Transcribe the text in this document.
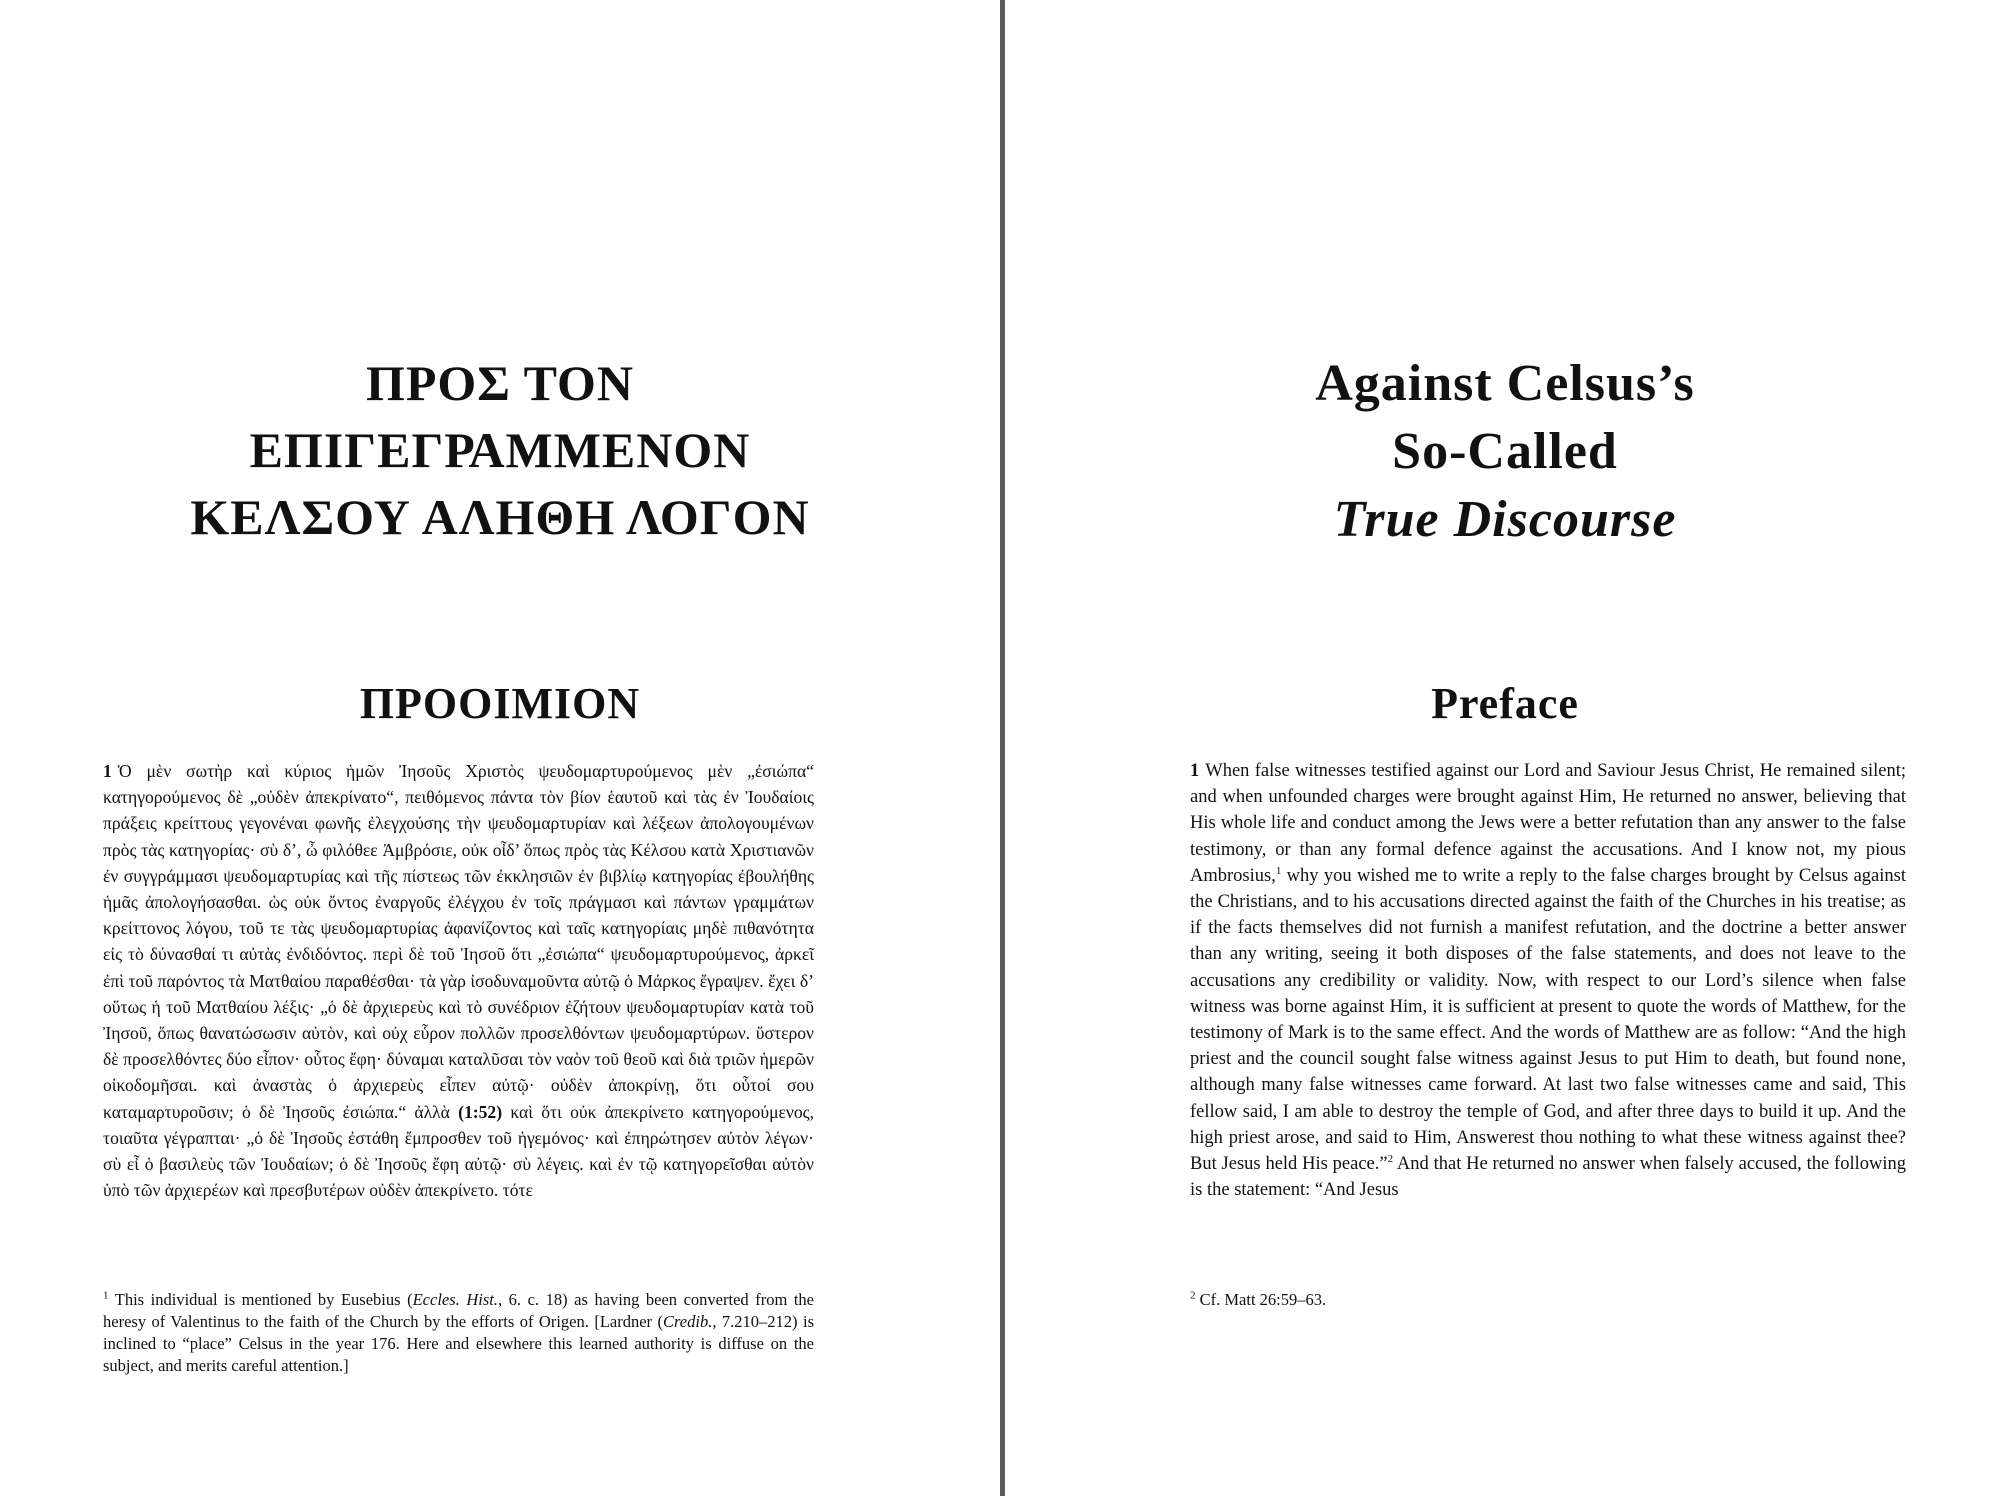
ΠΡΟΣ ΤΟΝ
ΕΠΙΓΕΓΡΑΜΜΕΝΟΝ
ΚΕΛΣΟΥ ΑΛΗΘΗ ΛΟΓΟΝ
ΠΡΟΟΙΜΙΟΝ
1 Ὁ μὲν σωτὴρ καὶ κύριος ἡμῶν Ἰησοῦς Χριστὸς ψευδομαρτυρούμενος μὲν „ἐσιώπα“ κατηγορούμενος δὲ „οὐδὲν ἀπεκρίνατο“, πειθόμενος πάντα τὸν βίον ἑαυτοῦ καὶ τὰς ἐν Ἰουδαίοις πράξεις κρείττους γεγονέναι φωνῆς ἐλεγχούσης τὴν ψευδομαρτυρίαν καὶ λέξεων ἀπολογουμένων πρὸς τὰς κατηγορίας· σὺ δ’, ὦ φιλόθεε Ἀμβρόσιε, οὐκ οἶδ’ ὅπως πρὸς τὰς Κέλσου κατὰ Χριστιανῶν ἐν συγγράμμασι ψευδομαρτυρίας καὶ τῆς πίστεως τῶν ἐκκλησιῶν ἐν βιβλίῳ κατηγορίας ἐβουλήθης ἡμᾶς ἀπολογήσασθαι. ὡς οὐκ ὄντος ἐναργοῦς ἐλέγχου ἐν τοῖς πράγμασι καὶ πάντων γραμμάτων κρείττονος λόγου, τοῦ τε τὰς ψευδομαρτυρίας ἀφανίζοντος καὶ ταῖς κατηγορίαις μηδὲ πιθανότητα εἰς τὸ δύνασθαί τι αὐτὰς ἐνδιδόντος. περὶ δὲ τοῦ Ἰησοῦ ὅτι „ἐσιώπα“ ψευδομαρτυρούμενος, ἀρκεῖ ἐπὶ τοῦ παρόντος τὰ Ματθαίου παραθέσθαι· τὰ γὰρ ἰσοδυναμοῦντα αὐτῷ ὁ Μάρκος ἔγραψεν. ἔχει δ’ οὕτως ἡ τοῦ Ματθαίου λέξις· „ὁ δὲ ἀρχιερεὺς καὶ τὸ συνέδριον ἐζήτουν ψευδομαρτυρίαν κατὰ τοῦ Ἰησοῦ, ὅπως θανατώσωσιν αὐτὸν, καὶ οὐχ εὗρον πολλῶν προσελθόντων ψευδομαρτύρων. ὕστερον δὲ προσελθόντες δύο εἶπον· οὗτος ἔφη· δύναμαι καταλῦσαι τὸν ναὸν τοῦ θεοῦ καὶ διὰ τριῶν ἡμερῶν οἰκοδομῆσαι. καὶ ἀναστὰς ὁ ἀρχιερεὺς εἶπεν αὐτῷ· οὐδὲν ἀποκρίνῃ, ὅτι οὗτοί σου καταμαρτυροῦσιν; ὁ δὲ Ἰησοῦς ἐσιώπα.“ ἀλλὰ (1:52) καὶ ὅτι οὐκ ἀπεκρίνετο κατηγορούμενος, τοιαῦτα γέγραπται· „ὁ δὲ Ἰησοῦς ἐστάθη ἔμπροσθεν τοῦ ἡγεμόνος· καὶ ἐπηρώτησεν αὐτὸν λέγων· σὺ εἶ ὁ βασιλεὺς τῶν Ἰουδαίων; ὁ δὲ Ἰησοῦς ἔφη αὐτῷ· σὺ λέγεις. καὶ ἐν τῷ κατηγορεῖσθαι αὐτὸν ὑπὸ τῶν ἀρχιερέων καὶ πρεσβυτέρων οὐδὲν ἀπεκρίνετο. τότε
$^1$ This individual is mentioned by Eusebius (Eccles. Hist., 6. c. 18) as having been converted from the heresy of Valentinus to the faith of the Church by the efforts of Origen. [Lardner (Credib., 7.210–212) is inclined to “place” Celsus in the year 176. Here and elsewhere this learned authority is diffuse on the subject, and merits careful attention.]
Against Celsus’s
So-Called
True Discourse
Preface
1 When false witnesses testified against our Lord and Saviour Jesus Christ, He remained silent; and when unfounded charges were brought against Him, He returned no answer, believing that His whole life and conduct among the Jews were a better refutation than any answer to the false testimony, or than any formal defence against the accusations. And I know not, my pious Ambrosius,$^1$ why you wished me to write a reply to the false charges brought by Celsus against the Christians, and to his accusations directed against the faith of the Churches in his treatise; as if the facts themselves did not furnish a manifest refutation, and the doctrine a better answer than any writing, seeing it both disposes of the false statements, and does not leave to the accusations any credibility or validity. Now, with respect to our Lord’s silence when false witness was borne against Him, it is sufficient at present to quote the words of Matthew, for the testimony of Mark is to the same effect. And the words of Matthew are as follow: “And the high priest and the council sought false witness against Jesus to put Him to death, but found none, although many false witnesses came forward. At last two false witnesses came and said, This fellow said, I am able to destroy the temple of God, and after three days to build it up. And the high priest arose, and said to Him, Answerest thou nothing to what these witness against thee? But Jesus held His peace.”$^2$ And that He returned no answer when falsely accused, the following is the statement: “And Jesus
$^2$ Cf. Matt 26:59–63.
